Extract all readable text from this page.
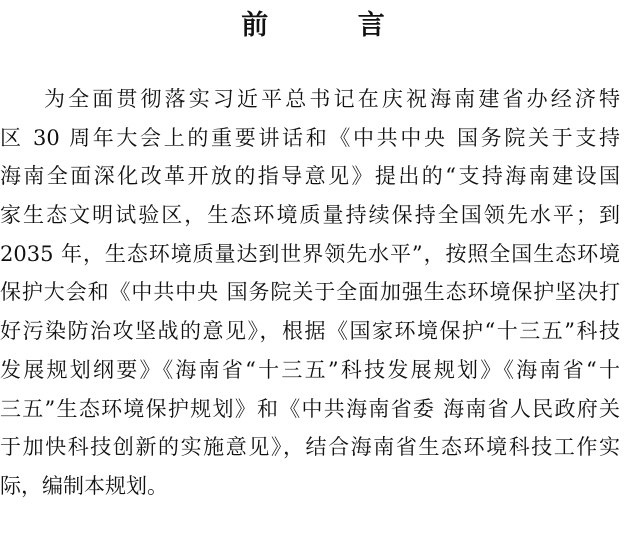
前 言
为全面贯彻落实习近平总书记在庆祝海南建省办经济特
区 30 周年大会上的重要讲话和《中共中央 国务院关于支持
海南全面深化改革开放的指导意见》提出的“支持海南建设国
家生态文明试验区，生态环境质量持续保持全国领先水平；到
2035 年，生态环境质量达到世界领先水平”，按照全国生态环境
保护大会和《中共中央 国务院关于全面加强生态环境保护坚决打
好污染防治攻坚战的意见》，根据《国家环境保护“十三五”科技
发展规划纲要》《海南省“十三五”科技发展规划》《海南省“十
三五”生态环境保护规划》和《中共海南省委 海南省人民政府关
于加快科技创新的实施意见》，结合海南省生态环境科技工作实
际，编制本规划。
